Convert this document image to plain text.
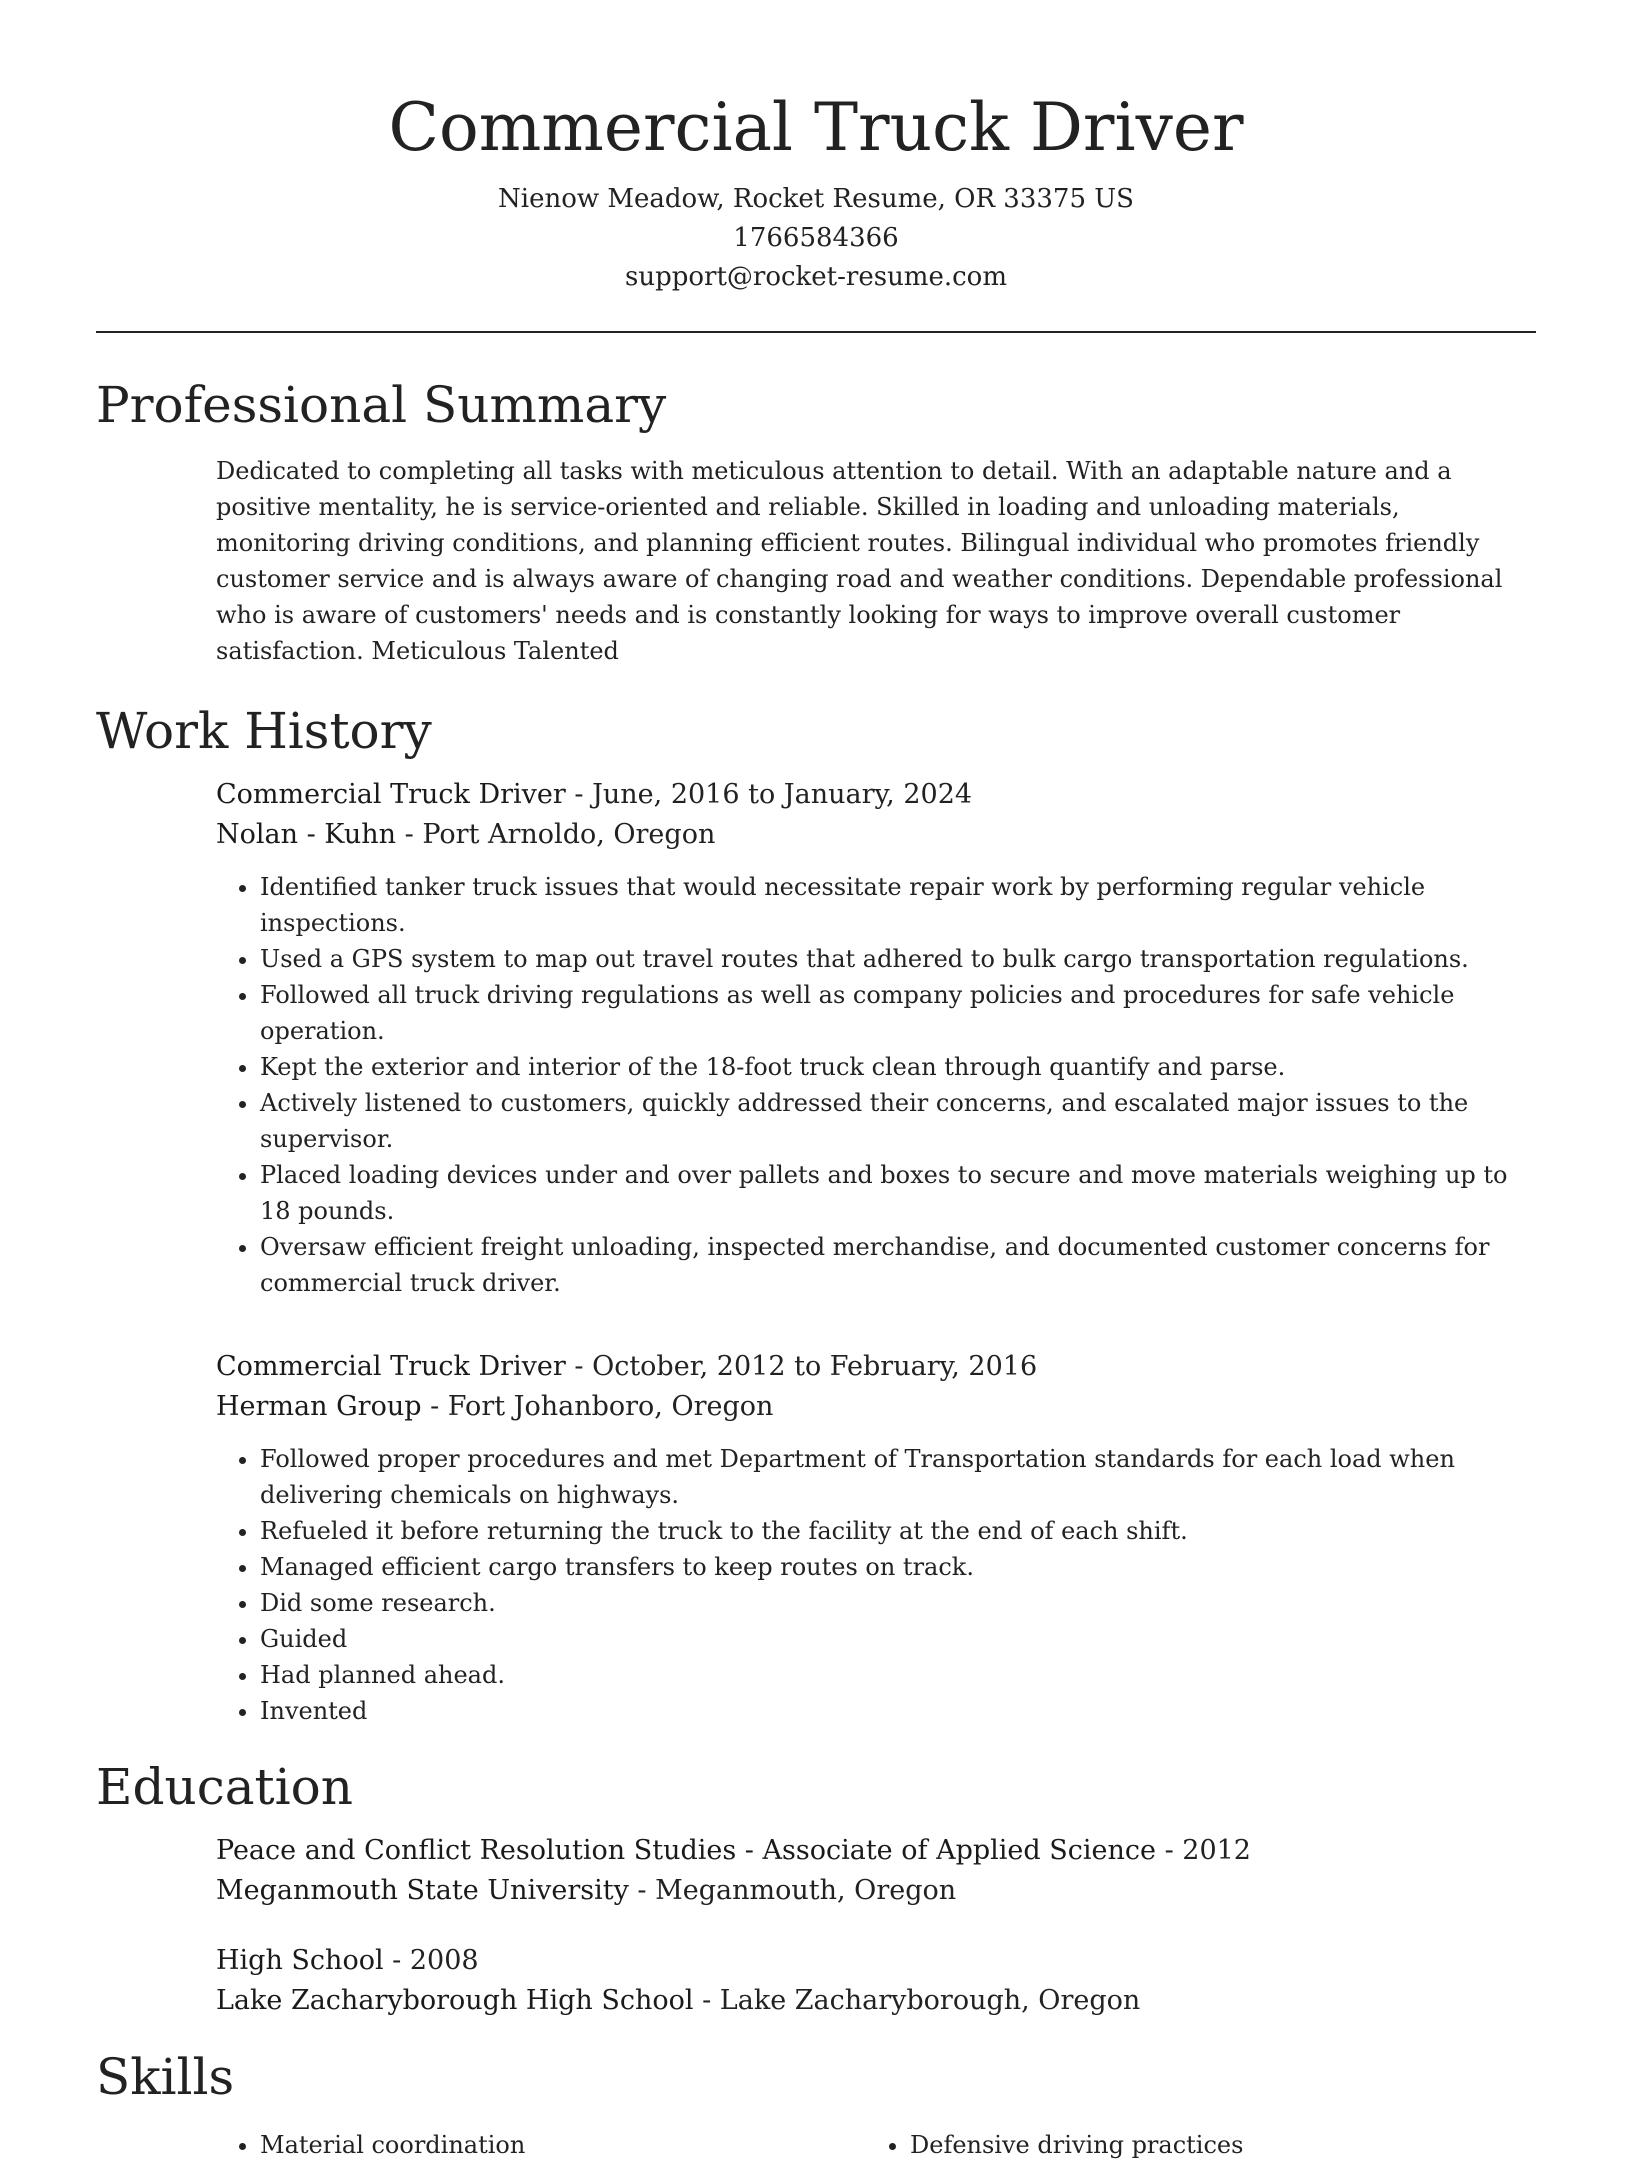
Commercial Truck Driver

Nienow Meadow, Rocket Resume, OR 33375 US

1766584366

support@rocket-resume.com

Professional Summary

Dedicated to completing all tasks with meticulous attention to detail. With an adaptable nature and a positive mentality, he is service-oriented and reliable. Skilled in loading and unloading materials, monitoring driving conditions, and planning efficient routes. Bilingual individual who promotes friendly customer service and is always aware of changing road and weather conditions. Dependable professional who is aware of customers' needs and is constantly looking for ways to improve overall customer satisfaction. Meticulous Talented

Work History

Commercial Truck Driver - June, 2016 to January, 2024

Nolan - Kuhn - Port Arnoldo, Oregon

• Identified tanker truck issues that would necessitate repair work by performing regular vehicle inspections.
• Used a GPS system to map out travel routes that adhered to bulk cargo transportation regulations.
• Followed all truck driving regulations as well as company policies and procedures for safe vehicle operation.
• Kept the exterior and interior of the 18-foot truck clean through quantify and parse.
• Actively listened to customers, quickly addressed their concerns, and escalated major issues to the supervisor.
• Placed loading devices under and over pallets and boxes to secure and move materials weighing up to 18 pounds.
• Oversaw efficient freight unloading, inspected merchandise, and documented customer concerns for commercial truck driver.

Commercial Truck Driver - October, 2012 to February, 2016

Herman Group - Fort Johanboro, Oregon

• Followed proper procedures and met Department of Transportation standards for each load when delivering chemicals on highways.
• Refueled it before returning the truck to the facility at the end of each shift.
• Managed efficient cargo transfers to keep routes on track.
• Did some research.
• Guided
• Had planned ahead.
• Invented
Education

Peace and Conflict Resolution Studies - Associate of Applied Science - 2012

Meganmouth State University - Meganmouth, Oregon

High School - 2008

Lake Zacharyborough High School - Lake Zacharyborough, Oregon

Skills
• Material coordination
•	Defensive driving practices
